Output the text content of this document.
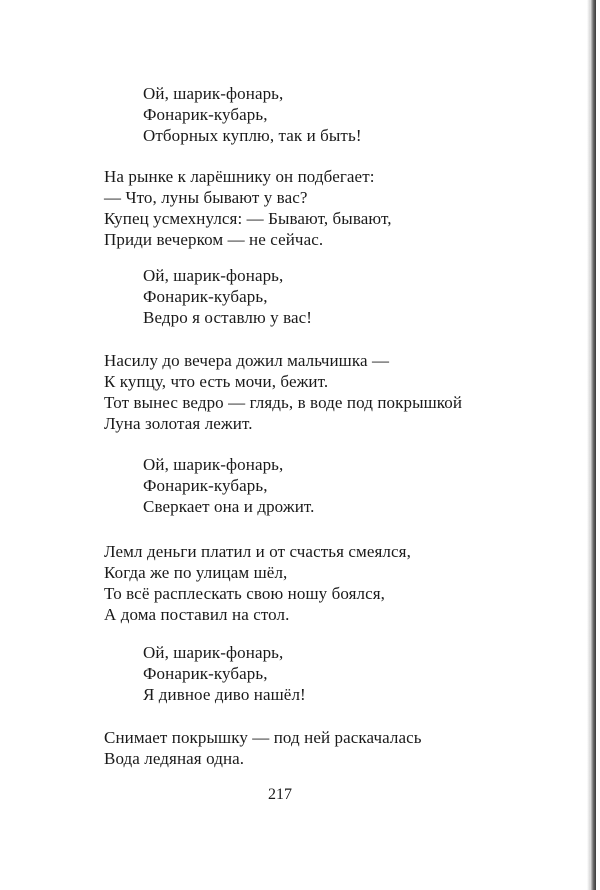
Ой, шарик-фонарь,
Фонарик-кубарь,
Отборных куплю, так и быть!
На рынке к ларёшнику он подбегает:
— Что, луны бывают у вас?
Купец усмехнулся: — Бывают, бывают,
Приди вечерком — не сейчас.
Ой, шарик-фонарь,
Фонарик-кубарь,
Ведро я оставлю у вас!
Насилу до вечера дожил мальчишка —
К купцу, что есть мочи, бежит.
Тот вынес ведро — глядь, в воде под покрышкой
Луна золотая лежит.
Ой, шарик-фонарь,
Фонарик-кубарь,
Сверкает она и дрожит.
Лемл деньги платил и от счастья смеялся,
Когда же по улицам шёл,
То всё расплескать свою ношу боялся,
А дома поставил на стол.
Ой, шарик-фонарь,
Фонарик-кубарь,
Я дивное диво нашёл!
Снимает покрышку — под ней раскачалась
Вода ледяная одна.
217
